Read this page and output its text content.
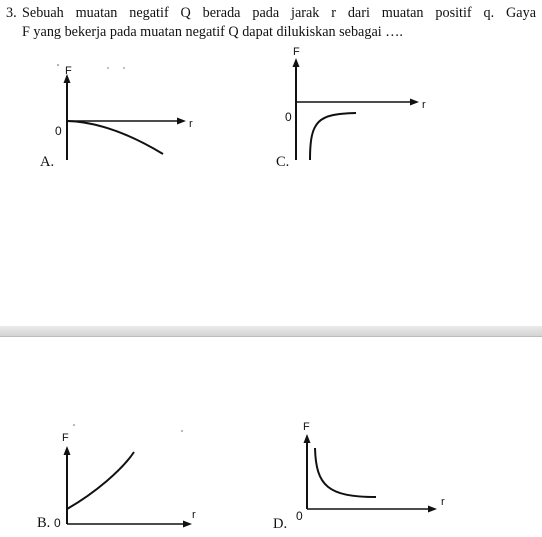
3. Sebuah muatan negatif Q berada pada jarak r dari muatan positif q. Gaya
F yang bekerja pada muatan negatif Q dapat dilukiskan sebagai ….
A.
F
r
0
C.
F
r
0
B.
F
r
0	D.
F
r
0
